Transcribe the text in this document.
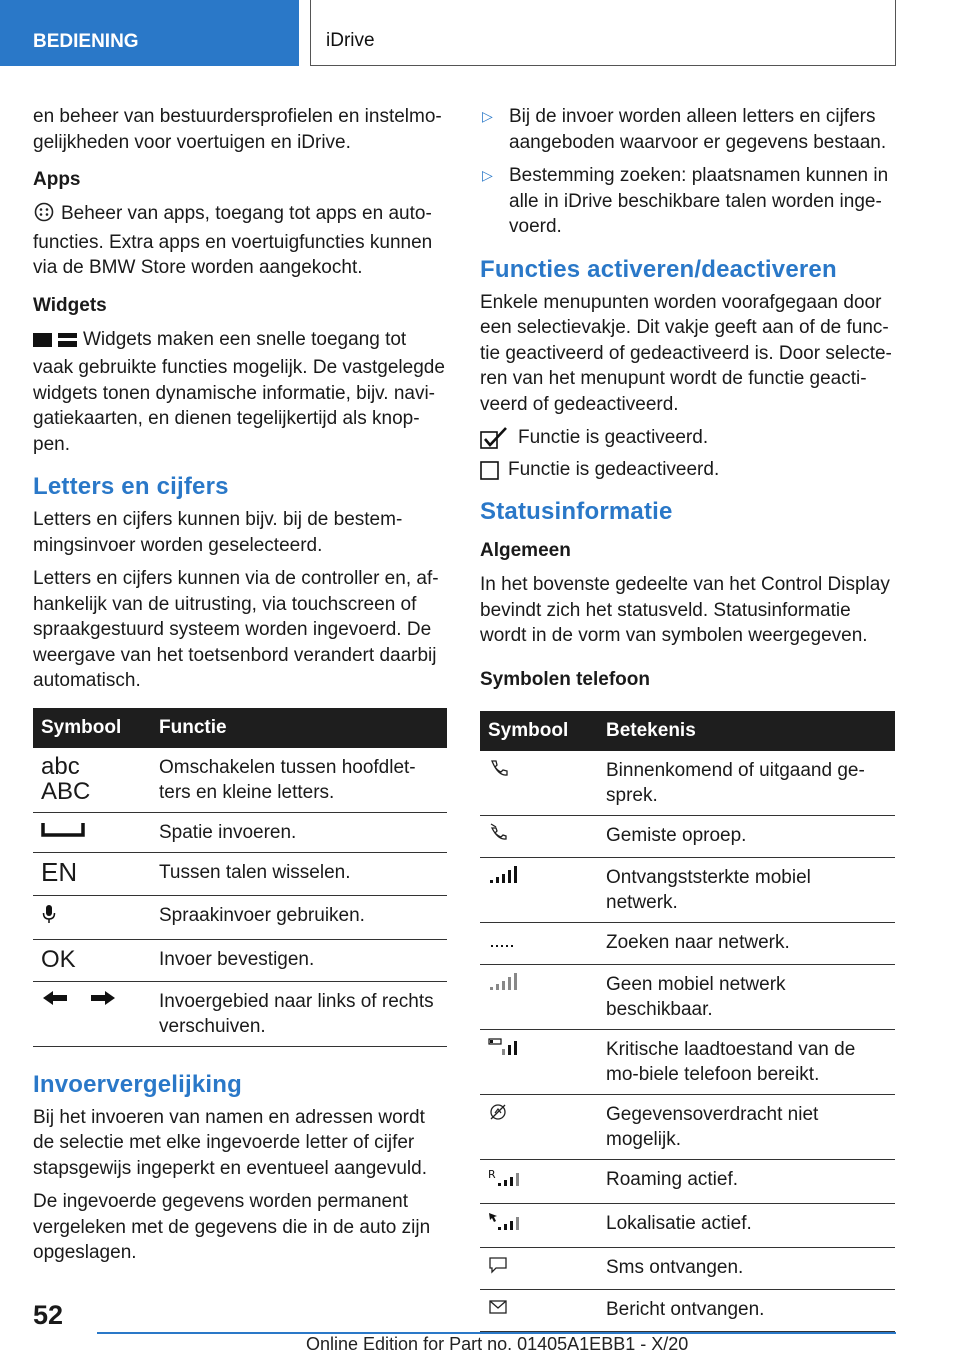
BEDIENING	iDrive

en beheer van bestuurdersprofielen en instelmo-gelijkheden voor voertuigen en iDrive.

Apps

Beheer van apps, toegang tot apps en auto-functies. Extra apps en voertuigfuncties kunnen via de BMW Store worden aangekocht.

Widgets

Widgets maken een snelle toegang tot vaak gebruikte functies mogelijk. De vastgelegde widgets tonen dynamische informatie, bijv. navi-gatiekaarten, en dienen tegelijkertijd als knop-pen.

Letters en cijfers

Letters en cijfers kunnen bijv. bij de bestem-mingsinvoer worden geselecteerd.

Letters en cijfers kunnen via de controller en, af-hankelijk van de uitrusting, via touchscreen of spraakgestuurd systeem worden ingevoerd. De weergave van het toetsenbord verandert daarbij automatisch.

Symbool	Functie

abc
ABC	Omschakelen tussen hoofdlet-ters en kleine letters.
	Spatie invoeren.
EN	Tussen talen wisselen.
	Spraakinvoer gebruiken.
OK	Invoer bevestigen.
	Invoergebied naar links of rechts verschuiven.
Invoervergelijking

Bij het invoeren van namen en adressen wordt de selectie met elke ingevoerde letter of cijfer stapsgewijs ingeperkt en eventueel aangevuld.

De ingevoerde gegevens worden permanent vergeleken met de gegevens die in de auto zijn opgeslagen.

▷ Bij de invoer worden alleen letters en cijfers aangeboden waarvoor er gegevens bestaan.
▷ Bestemming zoeken: plaatsnamen kunnen in alle in iDrive beschikbare talen worden inge-voerd.
Functies activeren/deactiveren

Enkele menupunten worden voorafgegaan door een selectievakje. Dit vakje geeft aan of de func-tie geactiveerd of gedeactiveerd is. Door selecte-ren van het menupunt wordt de functie geacti-veerd of gedeactiveerd.

Functie is geactiveerd.
Functie is gedeactiveerd.
Statusinformatie
Algemeen

In het bovenste gedeelte van het Control Display bevindt zich het statusveld. Statusinformatie wordt in de vorm van symbolen weergegeven.

Symbolen telefoon
Symbool	Betekenis
	Binnenkomend of uitgaand ge-sprek.
	Gemiste oproep.
	Ontvangststerkte mobiel netwerk.
	Zoeken naar netwerk.
	Geen mobiel netwerk beschikbaar.
	Kritische laadtoestand van de mo-biele telefoon bereikt.
	Gegevensoverdracht niet mogelijk.

R	Roaming actief.
	Lokalisatie actief.
	Sms ontvangen.
	Bericht ontvangen.
52
Online Edition for Part no. 01405A1EBB1 - X/20
